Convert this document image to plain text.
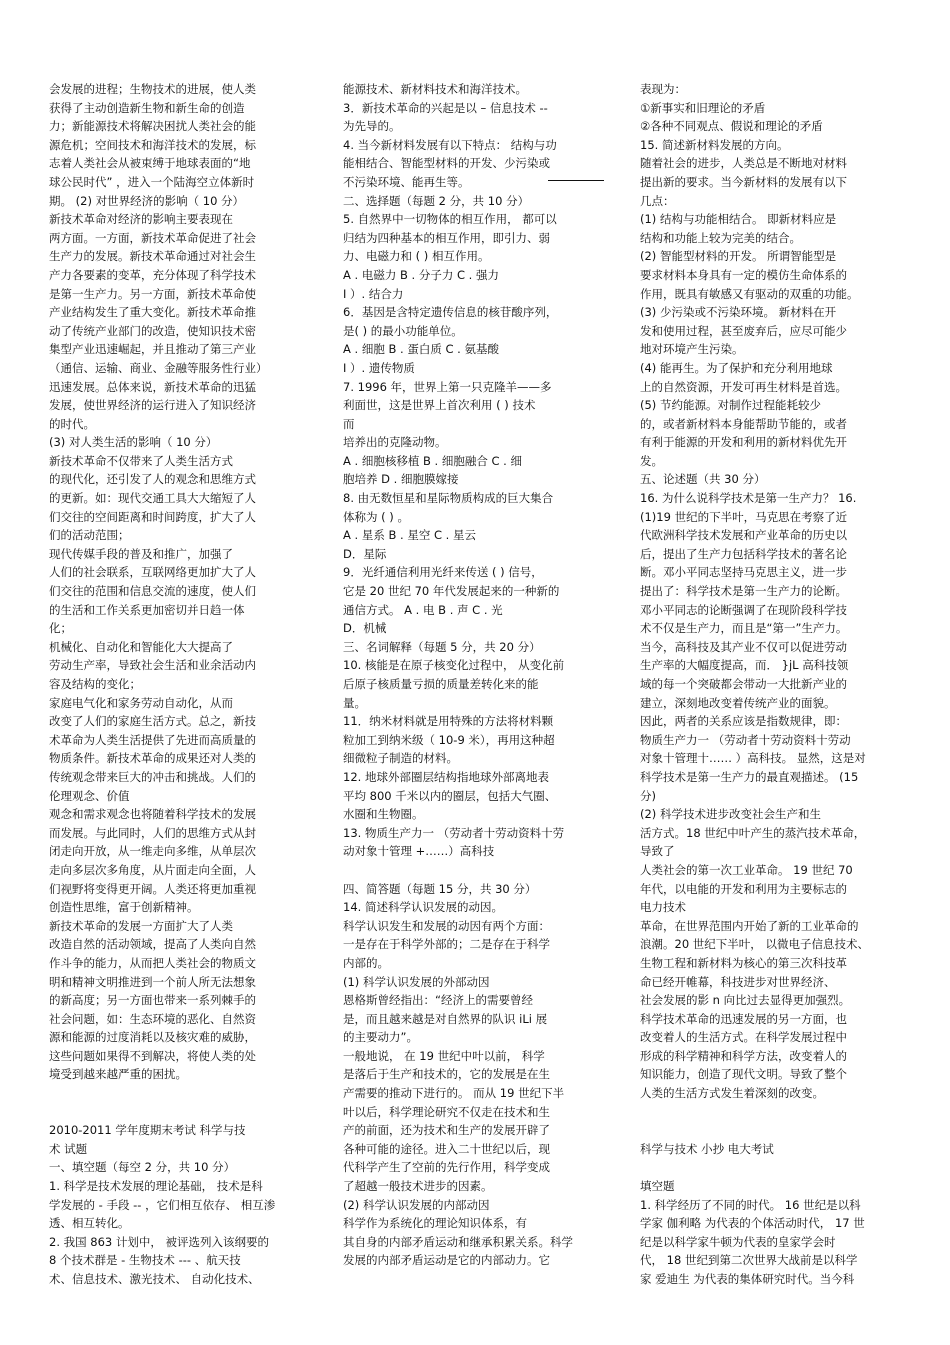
会发展的进程；生物技术的进展，使人类
获得了主动创造新生物和新生命的创造
力；新能源技术将解决困扰人类社会的能
源危机；空间技术和海洋技术的发展，标
志着人类社会从被束缚于地球表面的“地
球公民时代” ，进入一个陆海空立体新时
期。 (2) 对世界经济的影响（ 10 分）
新技术革命对经济的影响主要表现在
两方面。一方面，新技术革命促进了社会
生产力的发展。新技术革命通过对社会生
产力各要素的变革，充分体现了科学技术
是第一生产力。另一方面，新技术革命使
产业结构发生了重大变化。新技术革命推
动了传统产业部门的改造，使知识技术密
集型产业迅速崛起，并且推动了第三产业
（通信、运输、商业、金融等服务性行业）
迅速发展。总体来说，新技术革命的迅猛
发展，使世界经济的运行进入了知识经济
的时代。
(3) 对人类生活的影响（ 10 分）
新技术革命不仅带来了人类生活方式
的现代化，还引发了人的观念和思维方式
的更新。如：现代交通工具大大缩短了人
们交往的空间距离和时间跨度，扩大了人
们的活动范围；
现代传媒手段的普及和推广，加强了
人们的社会联系，互联网络更加扩大了人
们交往的范围和信息交流的速度，使人们
的生活和工作关系更加密切并日趋一体
化；
机械化、自动化和智能化大大提高了
劳动生产率，导致社会生活和业余活动内
容及结构的变化；
家庭电气化和家务劳动自动化，从而
改变了人们的家庭生活方式。总之，新技
术革命为人类生活提供了先进而高质量的
物质条件。新技术革命的成果还对人类的
传统观念带来巨大的冲击和挑战。人们的
伦理观念、价值
观念和需求观念也将随着科学技术的发展
而发展。与此同时，人们的思维方式从封
闭走向开放，从一维走向多维，从单层次
走向多层次多角度，从片面走向全面，人
们视野将变得更开阔。人类还将更加重视
创造性思维，富于创新精神。
新技术革命的发展一方面扩大了人类
改造自然的活动领域，提高了人类向自然
作斗争的能力，从而把人类社会的物质文
明和精神文明推进到一个前人所无法想象
的新高度；另一方面也带来一系列棘手的
社会问题，如：生态环境的恶化、自然资
源和能源的过度消耗以及核灾难的威胁，
这些问题如果得不到解决，将使人类的处
境受到越来越严重的困扰。
2010-2011 学年度期末考试 科学与技
术 试题
一、填空题（每空 2 分，共 10 分）
1. 科学是技术发展的理论基础， 技术是科
学发展的 - 手段 -- ，它们相互依存、 相互渗
透、相互转化。
2. 我国 863 计划中， 被评选列入该纲要的
8 个技术群是 - 生物技术 --- 、航天技
术、信息技术、激光技术、 自动化技术、
能源技术、新材料技术和海洋技术。
3．新技术革命的兴起是以 – 信息技术 --
为先导的。
4. 当今新材料发展有以下特点： 结构与功
能相结合、智能型材料的开发、少污染或
不污染环境、能再生等。
二、选择题（每题 2 分，共 10 分）
5. 自然界中一切物体的相互作用， 都可以
归结为四种基本的相互作用，即引力、弱
力、电磁力和 ( ) 相互作用。
A . 电磁力 B . 分子力 C . 强力
I ）. 结合力
6．基因是含特定遗传信息的核苷酸序列，
是( ) 的最小功能单位。
A . 细胞 B . 蛋白质 C . 氨基酸
I ）. 遗传物质
7. 1996 年，世界上第一只克隆羊——多
利面世，这是世界上首次利用 ( ) 技术
而
培养出的克隆动物。
A . 细胞核移植 B . 细胞融合 C . 细
胞培养 D . 细胞膜嫁接
8. 由无数恒星和星际物质构成的巨大集合
体称为 ( ) 。
A . 星系 B . 星空 C . 星云
D．星际
9．光纤通信利用光纤来传送 ( ) 信号，
它是 20 世纪 70 年代发展起来的一种新的
通信方式。 A . 电 B . 声 C . 光
D．机械
三、名词解释（每题 5 分，共 20 分）
10. 核能是在原子核变化过程中， 从变化前
后原子核质量亏损的质量差转化来的能
量。
11．纳米材料就是用特殊的方法将材料颗
粒加工到纳米级（ 10-9 米），再用这种超
细微粒子制造的材料。
12. 地球外部圈层结构指地球外部离地表
平均 800 千米以内的圈层，包括大气圈、
水圈和生物圈。
13. 物质生产力一 （劳动者十劳动资料十劳
动对象十管理 +……）高科技
四、简答题（每题 15 分，共 30 分）
14. 简述科学认识发展的动因。
科学认识发生和发展的动因有两个方面：
一是存在于科学外部的；二是存在于科学
内部的。
(1) 科学认识发展的外部动因
恩格斯曾经指出：“经济上的需要曾经
是，而且越来越是对自然界的队识 iLi 展
的主要动力”。
一般地说， 在 19 世纪中叶以前， 科学
是落后于生产和技术的，它的发展是在生
产需要的推动下进行的。 而从 19 世纪下半
叶以后，科学理论研究不仅走在技术和生
产的前面，还为技术和生产的发展开辟了
各种可能的途径。进入二十世纪以后，现
代科学产生了空前的先行作用，科学变成
了超越一般技术进步的因素。
(2) 科学认识发展的内部动因
科学作为系统化的理论知识体系，有
其自身的内部矛盾运动和继承积累关系。科学
发展的内部矛盾运动是它的内部动力。它
表现为：
①新事实和旧理论的矛盾
②各种不同观点、假说和理论的矛盾
15. 简述新材料发展的方向。
随着社会的进步，人类总是不断地对材料
提出新的要求。当今新材料的发展有以下
几点：
(1) 结构与功能相结合。 即新材料应是
结构和功能上较为完美的结合。
(2) 智能型材料的开发。 所谓智能型是
要求材料本身具有一定的模仿生命体系的
作用，既具有敏感又有驱动的双重的功能。
(3) 少污染或不污染环境。 新材料在开
发和使用过程，甚至废弃后，应尽可能少
地对环境产生污染。
(4) 能再生。为了保护和充分利用地球
上的自然资源，开发可再生材料是首选。
(5) 节约能源。对制作过程能耗较少
的，或者新材料本身能帮助节能的，或者
有利于能源的开发和利用的新材料优先开
发。
五、论述题（共 30 分）
16. 为什么说科学技术是第一生产力？ 16.
(1)19 世纪的下半叶，马克思在考察了近
代欧洲科学技术发展和产业革命的历史以
后，提出了生产力包括科学技术的著名论
断。邓小平同志坚持马克思主义，进一步
提出了：科学技术是第一生产力的论断。
邓小平同志的论断强调了在现阶段科学技
术不仅是生产力，而且是“第一”生产力。
当今，高科技及其产业不仅可以促进劳动
生产率的大幅度提高，而． }jL 高科技领
域的每一个突破都会带动一大批新产业的
建立，深刻地改变着传统产业的面貌。
因此，两者的关系应该是指数规律，即：
物质生产力一 （劳动者十劳动资料十劳动
对象十管理十…… ）高科技。 显然，这是对
科学技术是第一生产力的最直观描述。 (15
分)
(2) 科学技术进步改变社会生产和生
活方式。18 世纪中叶产生的蒸汽技术革命，
导致了
人类社会的第一次工业革命。 19 世纪 70
年代，以电能的开发和利用为主要标志的
电力技术
革命，在世界范围内开始了新的工业革命的
浪潮。20 世纪下半叶， 以微电子信息技术、
生物工程和新材料为核心的第三次科技革
命已经开帷幕，科技进步对世界经济、
社会发展的影 n 向比过去显得更加强烈。
科学技术革命的迅速发展的另一方面，也
改变着人的生活方式。在科学发展过程中
形成的科学精神和科学方法，改变着人的
知识能力，创造了现代文明。导致了整个
人类的生活方式发生着深刻的改变。
科学与技术 小抄 电大考试
填空题
1. 科学经历了不同的时代。 16 世纪是以科
学家 伽利略 为代表的个体活动时代， 17 世
纪是以科学家牛顿为代表的皇家学会时
代， 18 世纪到第二次世界大战前是以科学
家 爱迪生 为代表的集体研究时代。当今科
